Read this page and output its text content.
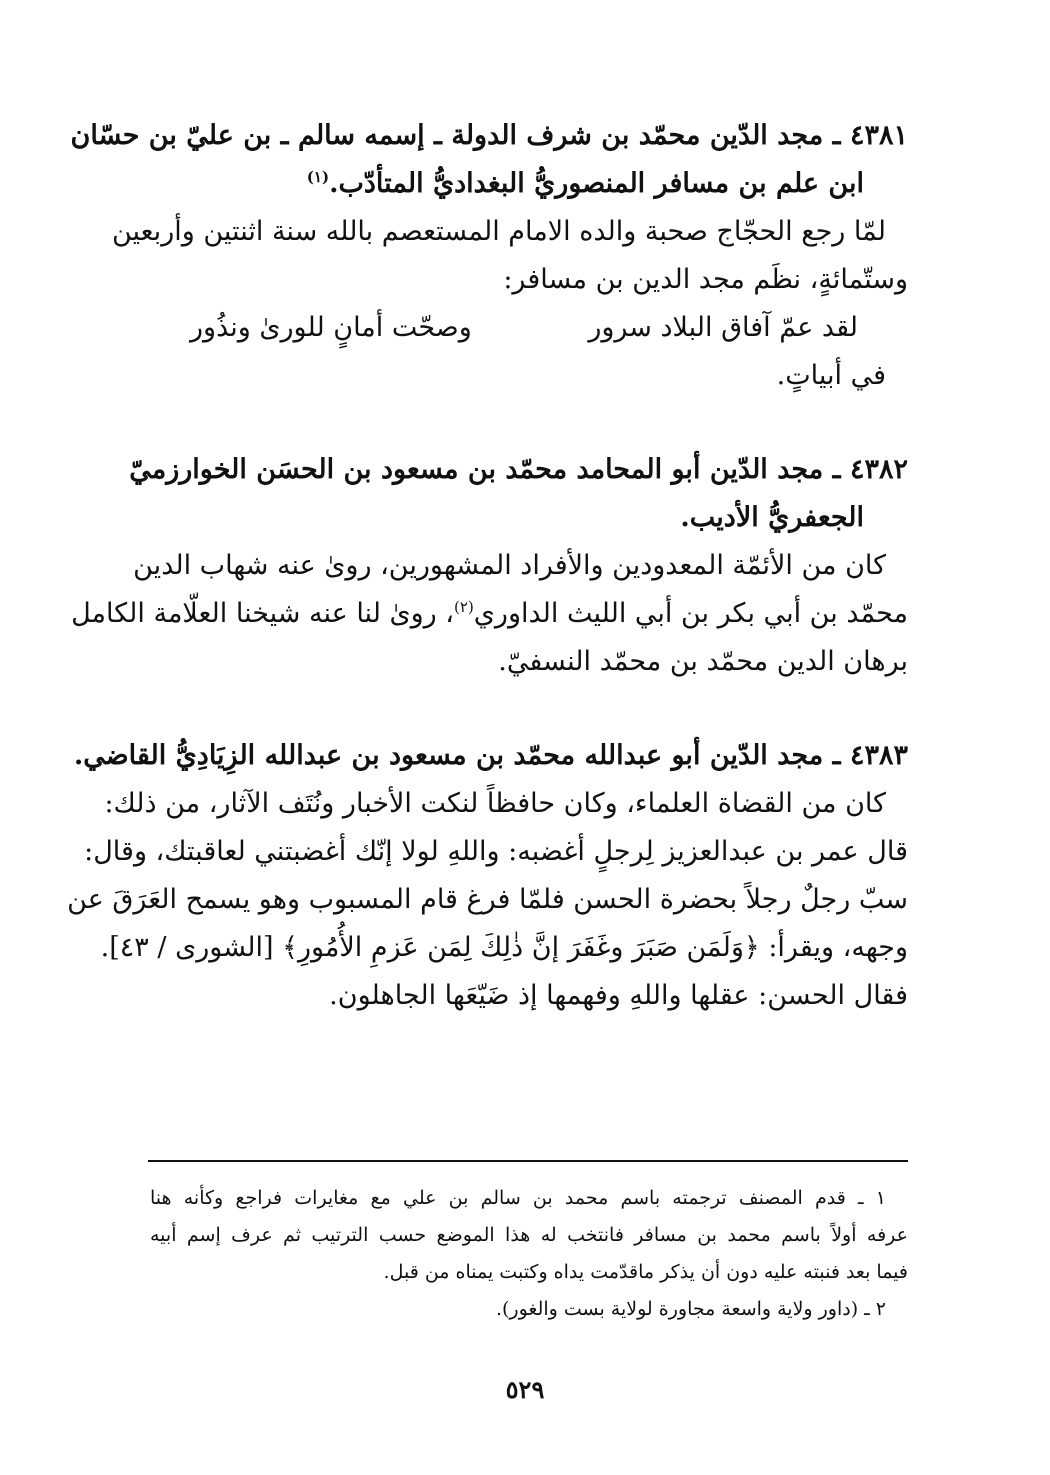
٤٣٨١ ـ مجد الدّين محمّد بن شرف الدولة ـ إسمه سالم ـ بن عليّ بن حسّان
ابن علم بن مسافر المنصوريُّ البغداديُّ المتأدّب.$^{(١)}$
لمّا رجع الحجّاج صحبة والده الامام المستعصم بالله سنة اثنتين وأربعين
وستّمائةٍ، نظَم مجد الدين بن مسافر:
لقد عمّ آفاق البلاد سرور
وصحّت أمانٍ للورىٰ ونذُور
في أبياتٍ.
٤٣٨٢ ـ مجد الدّين أبو المحامد محمّد بن مسعود بن الحسَن الخوارزميّ
الجعفريُّ الأديب.
كان من الأئمّة المعدودين والأفراد المشهورين، روىٰ عنه شهاب الدين
محمّد بن أبي بكر بن أبي الليث الداوري$^{(٢)}$، روىٰ لنا عنه شيخنا العلّامة الكامل
برهان الدين محمّد بن محمّد النسفيّ.
٤٣٨٣ ـ مجد الدّين أبو عبدالله محمّد بن مسعود بن عبدالله الزِيَادِيُّ القاضي.
كان من القضاة العلماء، وكان حافظاً لنكت الأخبار ونُتَف الآثار، من ذلك:
قال عمر بن عبدالعزيز لِرجلٍ أغضبه: واللهِ لولا إنّك أغضبتني لعاقبتك، وقال:
سبّ رجلٌ رجلاً بحضرة الحسن فلمّا فرغ قام المسبوب وهو يسمح العَرَقَ عن
وجهه، ويقرأ: ﴿وَلَمَن صَبَرَ وغَفَرَ إنَّ ذٰلِكَ لِمَن عَزمِ الأُمُورِ﴾ [الشورى / ٤٣].
فقال الحسن: عقلها واللهِ وفهمها إذ ضَيّعَها الجاهلون.
١ ـ قدم المصنف ترجمته باسم محمد بن سالم بن علي مع مغايرات فراجع وكأنه هنا
عرفه أولاً باسم محمد بن مسافر فانتخب له هذا الموضع حسب الترتيب ثم عرف إسم أبيه
فيما بعد فنبته عليه دون أن يذكر ماقدّمت يداه وكتبت يمناه من قبل.
٢ ـ (داور ولاية واسعة مجاورة لولاية بست والغور).
٥٢٩
